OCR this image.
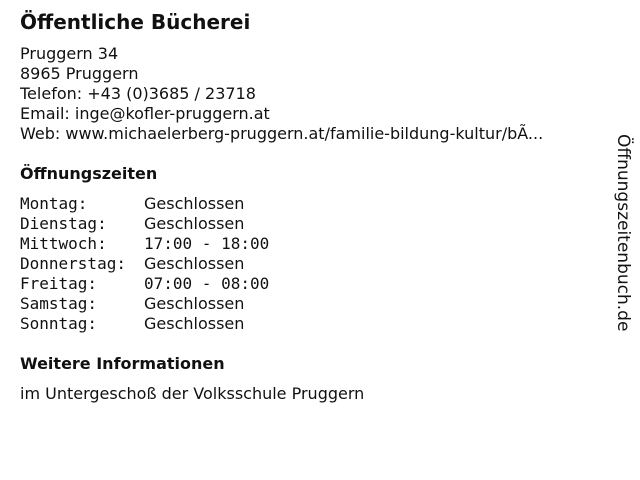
Öffentliche Bücherei
Pruggern 34
8965 Pruggern
Telefon: +43 (0)3685 / 23718
Email: inge@kofler-pruggern.at
Web: www.michaelerberg-pruggern.at/familie-bildung-kultur/bÃ...
Öffnungszeiten
Montag:	Geschlossen
Dienstag:	Geschlossen
Mittwoch:	17:00 - 18:00
Donnerstag:	Geschlossen
Freitag:	07:00 - 08:00
Samstag:	Geschlossen
Sonntag:	Geschlossen
Weitere Informationen
im Untergeschoß der Volksschule Pruggern
Öffnungszeitenbuch.de
